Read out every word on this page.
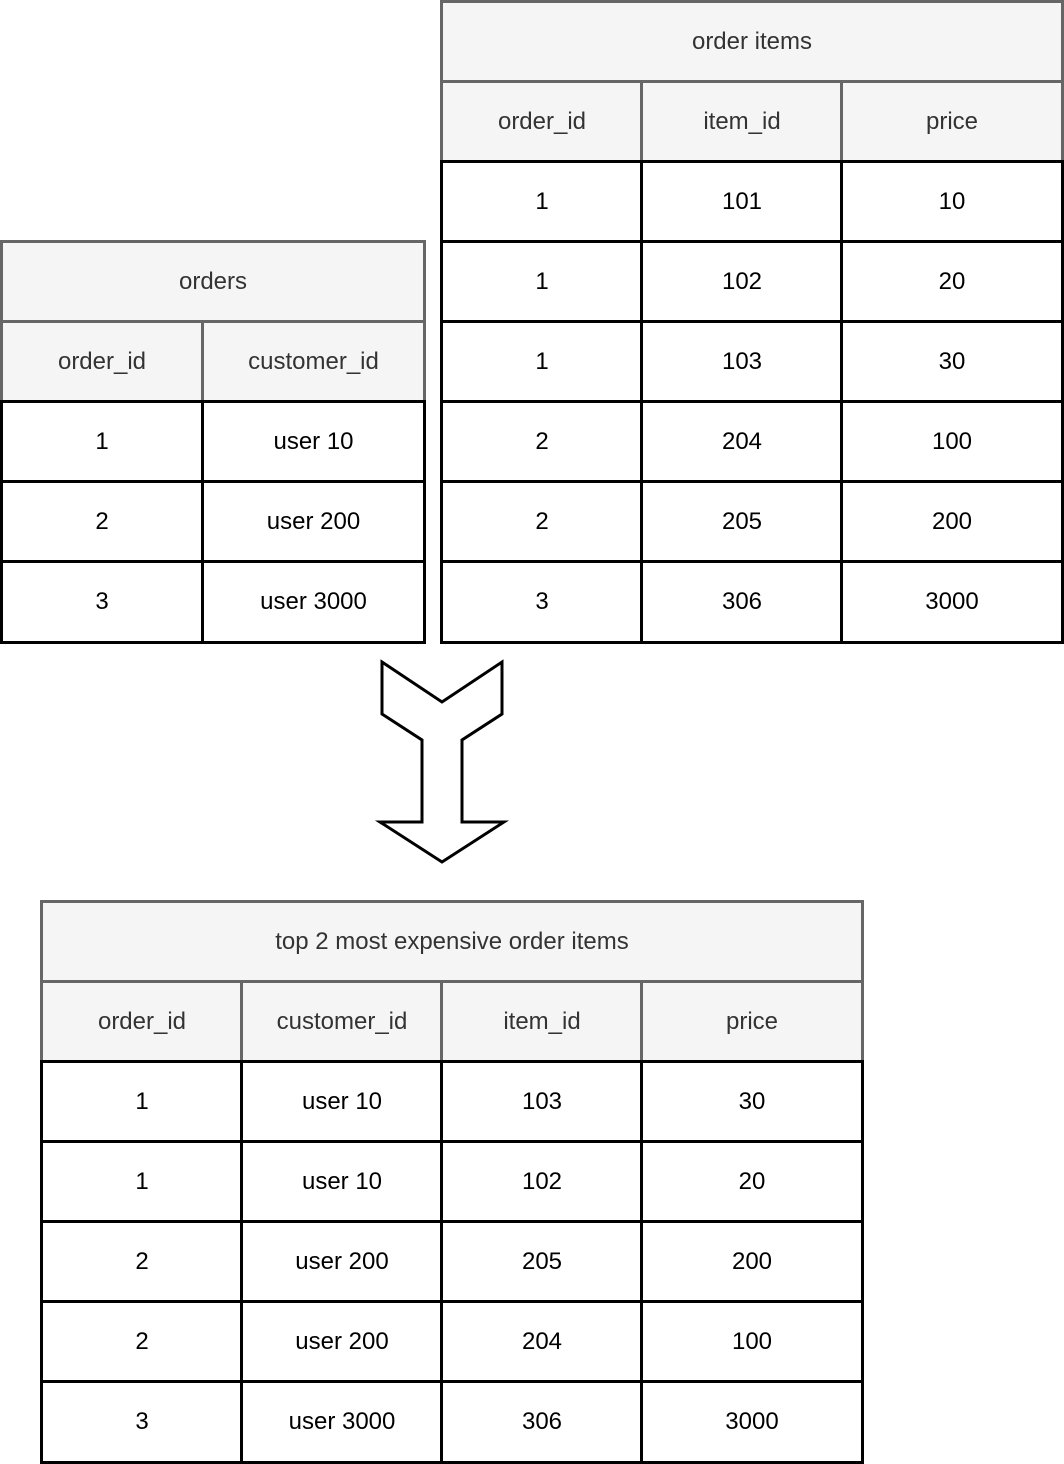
orders
order_id	customer_id
1	user 10
2	user 200
3	user 3000
order items
order_id	item_id	price
1	101	10
1	102	20
1	103	30
2	204	100
2	205	200
3	306	3000
top 2 most expensive order items
order_id	customer_id	item_id	price
1	user 10	103	30
1	user 10	102	20
2	user 200	205	200
2	user 200	204	100
3	user 3000	306	3000
